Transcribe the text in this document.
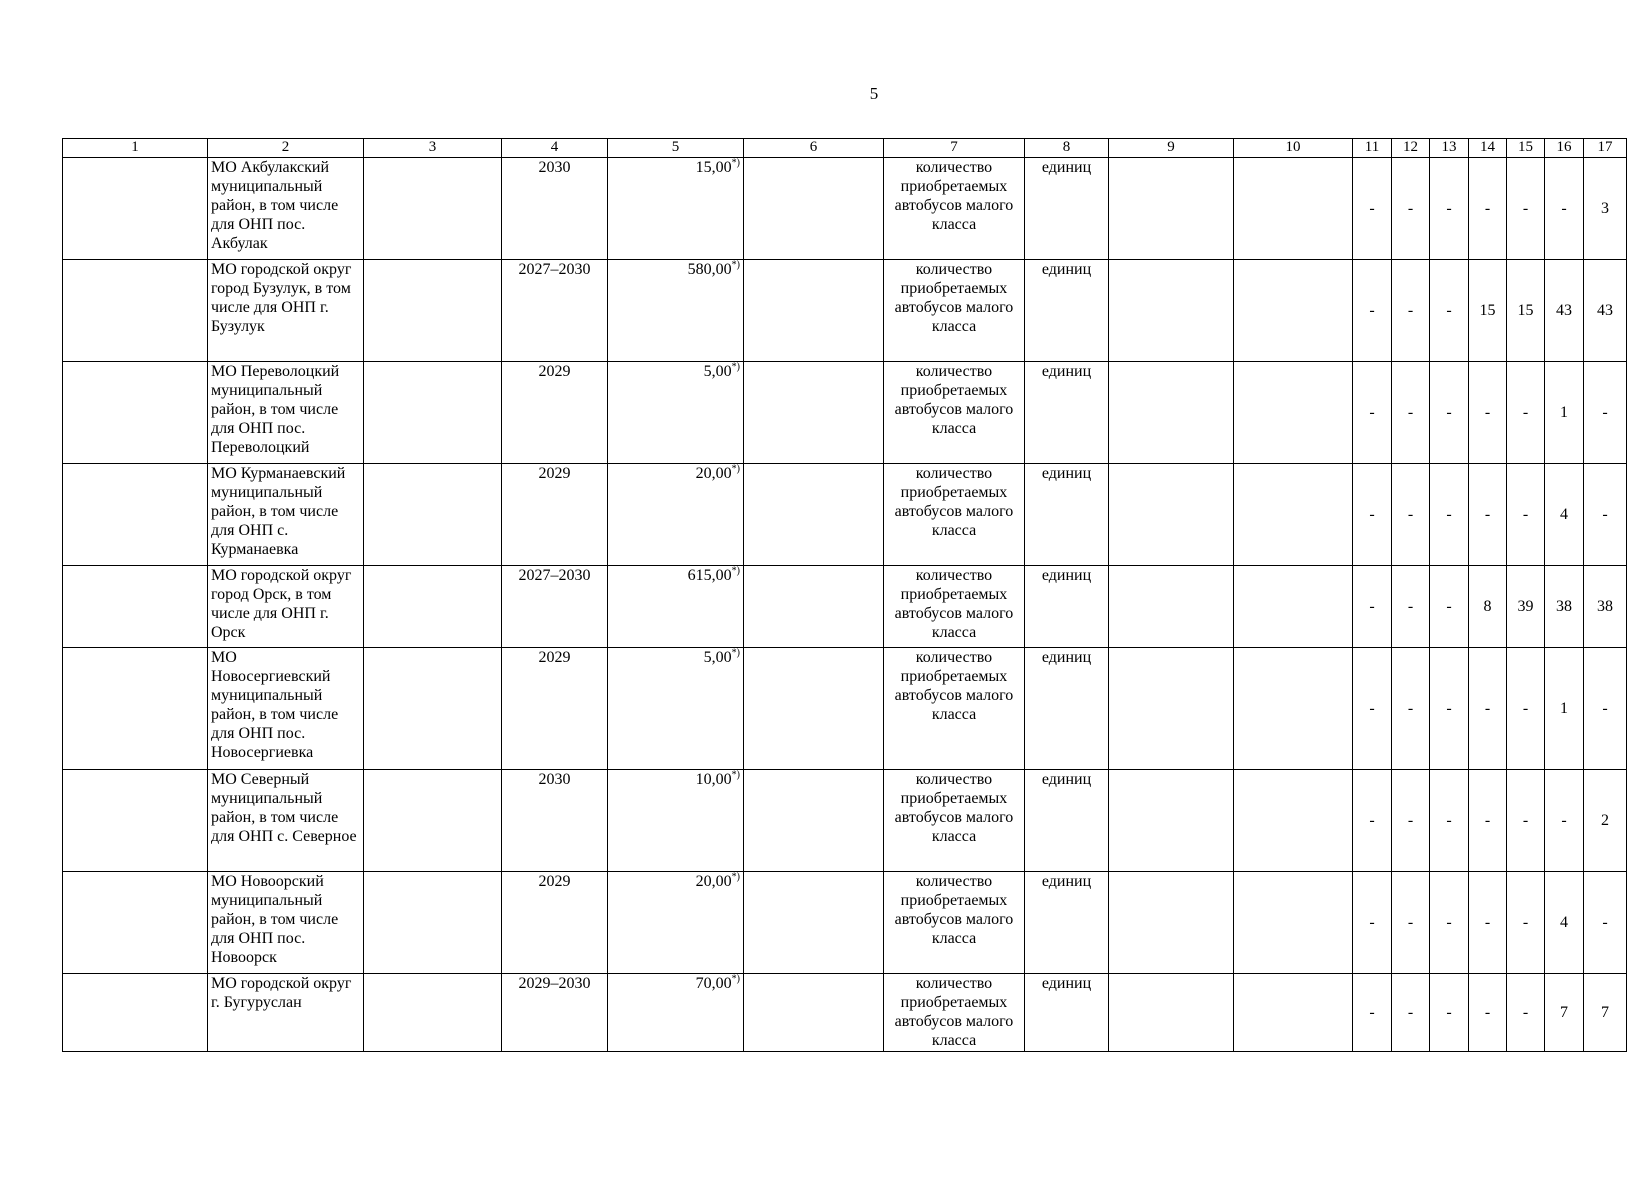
5
1	2	3	4	5	6	7	8	9	10	11	12	13	14	15	16	17
	МО Акбулакский муниципальный район, в том числе для ОНП пос. Акбулак		2030	15,00*)		количество приобретаемых автобусов малого класса	единиц			-	-	-	-	-	-	3
	МО городской округ город Бузулук, в том числе для ОНП г. Бузулук		2027–2030	580,00*)		количество приобретаемых автобусов малого класса	единиц			-	-	-	15	15	43	43
	МО Переволоцкий муниципальный район, в том числе для ОНП пос. Переволоцкий		2029	5,00*)		количество приобретаемых автобусов малого класса	единиц			-	-	-	-	-	1	-
	МО Курманаевский муниципальный район, в том числе для ОНП с. Курманаевка		2029	20,00*)		количество приобретаемых автобусов малого класса	единиц			-	-	-	-	-	4	-
	МО городской округ город Орск, в том числе для ОНП г. Орск		2027–2030	615,00*)		количество приобретаемых автобусов малого класса	единиц			-	-	-	8	39	38	38
	МО Новосергиевский муниципальный район, в том числе для ОНП пос. Новосергиевка		2029	5,00*)		количество приобретаемых автобусов малого класса	единиц			-	-	-	-	-	1	-
	МО Северный муниципальный район, в том числе для ОНП с. Северное		2030	10,00*)		количество приобретаемых автобусов малого класса	единиц			-	-	-	-	-	-	2
	МО Новоорский муниципальный район, в том числе для ОНП пос. Новоорск		2029	20,00*)		количество приобретаемых автобусов малого класса	единиц			-	-	-	-	-	4	-
	МО городской округ г. Бугуруслан		2029–2030	70,00*)		количество приобретаемых автобусов малого класса	единиц			-	-	-	-	-	7	7
